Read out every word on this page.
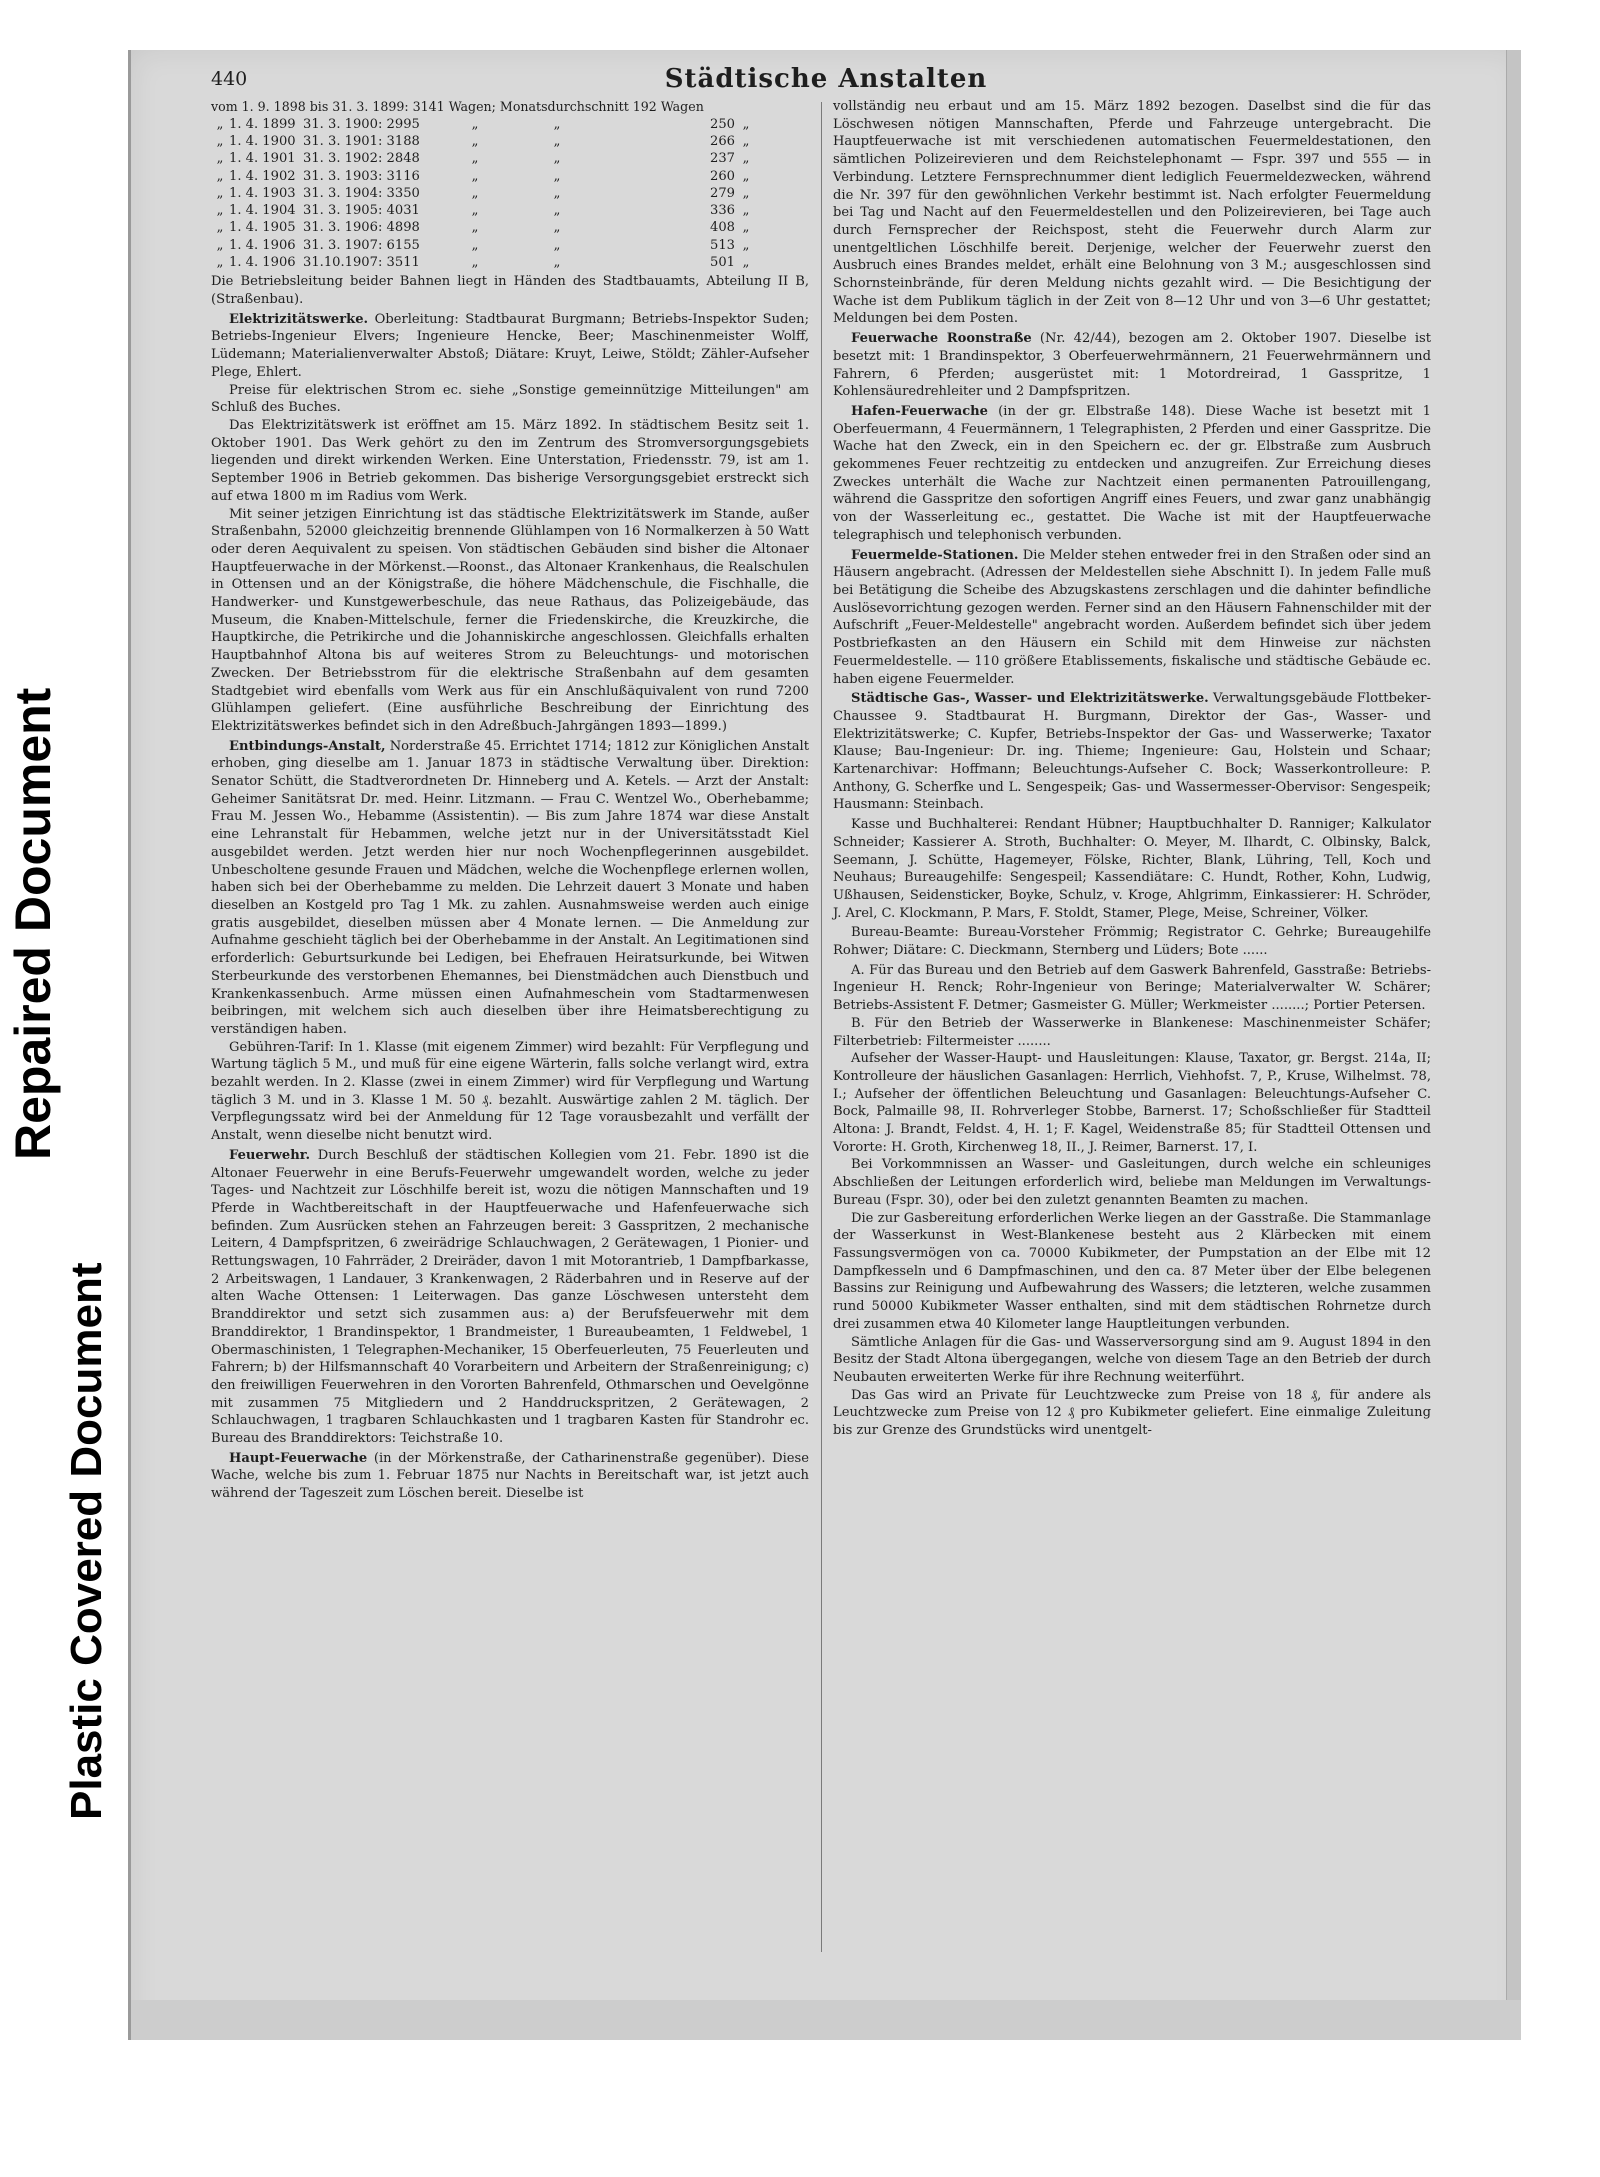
Repaired Document
Plastic Covered Document
440	Städtische Anstalten
vom 1. 9. 1898 bis 31. 3. 1899: 3141 Wagen; Monatsdurchschnitt 192 Wagen
„ 1. 4. 1899 31. 3. 1900: 2995	„	„	250 „
„ 1. 4. 1900 31. 3. 1901: 3188	„	„	266 „
„ 1. 4. 1901 31. 3. 1902: 2848	„	„	237 „
„ 1. 4. 1902 31. 3. 1903: 3116	„	„	260 „
„ 1. 4. 1903 31. 3. 1904: 3350	„	„	279 „
„ 1. 4. 1904 31. 3. 1905: 4031	„	„	336 „
„ 1. 4. 1905 31. 3. 1906: 4898	„	„	408 „
„ 1. 4. 1906 31. 3. 1907: 6155	„	„	513 „
„ 1. 4. 1906 31.10.1907: 3511	„	„	501 „

Die Betriebsleitung beider Bahnen liegt in Händen des Stadtbauamts, Abteilung II B, (Straßenbau).

Elektrizitätswerke. Oberleitung: Stadtbaurat Burgmann; Betriebs-Inspektor Suden; Betriebs-Ingenieur Elvers; Ingenieure Hencke, Beer; Maschinenmeister Wolff, Lüdemann; Materialienverwalter Abstoß; Diätare: Kruyt, Leiwe, Stöldt; Zähler-Aufseher Plege, Ehlert.

Preise für elektrischen Strom ec. siehe „Sonstige gemeinnützige Mitteilungen" am Schluß des Buches.

Das Elektrizitätswerk ist eröffnet am 15. März 1892. In städtischem Besitz seit 1. Oktober 1901. Das Werk gehört zu den im Zentrum des Stromversorgungsgebiets liegenden und direkt wirkenden Werken. Eine Unterstation, Friedensstr. 79, ist am 1. September 1906 in Betrieb gekommen. Das bisherige Versorgungsgebiet erstreckt sich auf etwa 1800 m im Radius vom Werk.

Mit seiner jetzigen Einrichtung ist das städtische Elektrizitätswerk im Stande, außer Straßenbahn, 52000 gleichzeitig brennende Glühlampen von 16 Normalkerzen à 50 Watt oder deren Aequivalent zu speisen. Von städtischen Gebäuden sind bisher die Altonaer Hauptfeuerwache in der Mörkenst.—Roonst., das Altonaer Krankenhaus, die Realschulen in Ottensen und an der Königstraße, die höhere Mädchenschule, die Fischhalle, die Handwerker- und Kunstgewerbeschule, das neue Rathaus, das Polizeigebäude, das Museum, die Knaben-Mittelschule, ferner die Friedenskirche, die Kreuzkirche, die Hauptkirche, die Petrikirche und die Johanniskirche angeschlossen. Gleichfalls erhalten Hauptbahnhof Altona bis auf weiteres Strom zu Beleuchtungs- und motorischen Zwecken. Der Betriebsstrom für die elektrische Straßenbahn auf dem gesamten Stadtgebiet wird ebenfalls vom Werk aus für ein Anschlußäquivalent von rund 7200 Glühlampen geliefert. (Eine ausführliche Beschreibung der Einrichtung des Elektrizitätswerkes befindet sich in den Adreßbuch-Jahrgängen 1893—1899.)

Entbindungs-Anstalt, Norderstraße 45. Errichtet 1714; 1812 zur Königlichen Anstalt erhoben, ging dieselbe am 1. Januar 1873 in städtische Verwaltung über. Direktion: Senator Schütt, die Stadtverordneten Dr. Hinneberg und A. Ketels. — Arzt der Anstalt: Geheimer Sanitätsrat Dr. med. Heinr. Litzmann. — Frau C. Wentzel Wo., Oberhebamme; Frau M. Jessen Wo., Hebamme (Assistentin). — Bis zum Jahre 1874 war diese Anstalt eine Lehranstalt für Hebammen, welche jetzt nur in der Universitätsstadt Kiel ausgebildet werden. Jetzt werden hier nur noch Wochenpflegerinnen ausgebildet. Unbescholtene gesunde Frauen und Mädchen, welche die Wochenpflege erlernen wollen, haben sich bei der Oberhebamme zu melden. Die Lehrzeit dauert 3 Monate und haben dieselben an Kostgeld pro Tag 1 Mk. zu zahlen. Ausnahmsweise werden auch einige gratis ausgebildet, dieselben müssen aber 4 Monate lernen. — Die Anmeldung zur Aufnahme geschieht täglich bei der Oberhebamme in der Anstalt. An Legitimationen sind erforderlich: Geburtsurkunde bei Ledigen, bei Ehefrauen Heiratsurkunde, bei Witwen Sterbeurkunde des verstorbenen Ehemannes, bei Dienstmädchen auch Dienstbuch und Krankenkassenbuch. Arme müssen einen Aufnahmeschein vom Stadtarmenwesen beibringen, mit welchem sich auch dieselben über ihre Heimatsberechtigung zu verständigen haben.

Gebühren-Tarif: In 1. Klasse (mit eigenem Zimmer) wird bezahlt: Für Verpflegung und Wartung täglich 5 M., und muß für eine eigene Wärterin, falls solche verlangt wird, extra bezahlt werden. In 2. Klasse (zwei in einem Zimmer) wird für Verpflegung und Wartung täglich 3 M. und in 3. Klasse 1 M. 50 ₰. bezahlt. Auswärtige zahlen 2 M. täglich. Der Verpflegungssatz wird bei der Anmeldung für 12 Tage vorausbezahlt und verfällt der Anstalt, wenn dieselbe nicht benutzt wird.

Feuerwehr. Durch Beschluß der städtischen Kollegien vom 21. Febr. 1890 ist die Altonaer Feuerwehr in eine Berufs-Feuerwehr umgewandelt worden, welche zu jeder Tages- und Nachtzeit zur Löschhilfe bereit ist, wozu die nötigen Mannschaften und 19 Pferde in Wachtbereitschaft in der Hauptfeuerwache und Hafenfeuerwache sich befinden. Zum Ausrücken stehen an Fahrzeugen bereit: 3 Gasspritzen, 2 mechanische Leitern, 4 Dampfspritzen, 6 zweirädrige Schlauchwagen, 2 Gerätewagen, 1 Pionier- und Rettungswagen, 10 Fahrräder, 2 Dreiräder, davon 1 mit Motorantrieb, 1 Dampfbarkasse, 2 Arbeitswagen, 1 Landauer, 3 Krankenwagen, 2 Räderbahren und in Reserve auf der alten Wache Ottensen: 1 Leiterwagen. Das ganze Löschwesen untersteht dem Branddirektor und setzt sich zusammen aus: a) der Berufsfeuerwehr mit dem Branddirektor, 1 Brandinspektor, 1 Brandmeister, 1 Bureaubeamten, 1 Feldwebel, 1 Obermaschinisten, 1 Telegraphen-Mechaniker, 15 Oberfeuerleuten, 75 Feuerleuten und Fahrern; b) der Hilfsmannschaft 40 Vorarbeitern und Arbeitern der Straßenreinigung; c) den freiwilligen Feuerwehren in den Vororten Bahrenfeld, Othmarschen und Oevelgönne mit zusammen 75 Mitgliedern und 2 Handdruckspritzen, 2 Gerätewagen, 2 Schlauchwagen, 1 tragbaren Schlauchkasten und 1 tragbaren Kasten für Standrohr ec. Bureau des Branddirektors: Teichstraße 10.

Haupt-Feuerwache (in der Mörkenstraße, der Catharinenstraße gegenüber). Diese Wache, welche bis zum 1. Februar 1875 nur Nachts in Bereitschaft war, ist jetzt auch während der Tageszeit zum Löschen bereit. Dieselbe ist

vollständig neu erbaut und am 15. März 1892 bezogen. Daselbst sind die für das Löschwesen nötigen Mannschaften, Pferde und Fahrzeuge untergebracht. Die Hauptfeuerwache ist mit verschiedenen automatischen Feuermeldestationen, den sämtlichen Polizeirevieren und dem Reichstelephonamt — Fspr. 397 und 555 — in Verbindung. Letztere Fernsprechnummer dient lediglich Feuermeldezwecken, während die Nr. 397 für den gewöhnlichen Verkehr bestimmt ist. Nach erfolgter Feuermeldung bei Tag und Nacht auf den Feuermeldestellen und den Polizeirevieren, bei Tage auch durch Fernsprecher der Reichspost, steht die Feuerwehr durch Alarm zur unentgeltlichen Löschhilfe bereit. Derjenige, welcher der Feuerwehr zuerst den Ausbruch eines Brandes meldet, erhält eine Belohnung von 3 M.; ausgeschlossen sind Schornsteinbrände, für deren Meldung nichts gezahlt wird. — Die Besichtigung der Wache ist dem Publikum täglich in der Zeit von 8—12 Uhr und von 3—6 Uhr gestattet; Meldungen bei dem Posten.

Feuerwache Roonstraße (Nr. 42/44), bezogen am 2. Oktober 1907. Dieselbe ist besetzt mit: 1 Brandinspektor, 3 Oberfeuerwehrmännern, 21 Feuerwehrmännern und Fahrern, 6 Pferden; ausgerüstet mit: 1 Motordreirad, 1 Gasspritze, 1 Kohlensäuredrehleiter und 2 Dampfspritzen.

Hafen-Feuerwache (in der gr. Elbstraße 148). Diese Wache ist besetzt mit 1 Oberfeuermann, 4 Feuermännern, 1 Telegraphisten, 2 Pferden und einer Gasspritze. Die Wache hat den Zweck, ein in den Speichern ec. der gr. Elbstraße zum Ausbruch gekommenes Feuer rechtzeitig zu entdecken und anzugreifen. Zur Erreichung dieses Zweckes unterhält die Wache zur Nachtzeit einen permanenten Patrouillengang, während die Gasspritze den sofortigen Angriff eines Feuers, und zwar ganz unabhängig von der Wasserleitung ec., gestattet. Die Wache ist mit der Hauptfeuerwache telegraphisch und telephonisch verbunden.

Feuermelde-Stationen. Die Melder stehen entweder frei in den Straßen oder sind an Häusern angebracht. (Adressen der Meldestellen siehe Abschnitt I). In jedem Falle muß bei Betätigung die Scheibe des Abzugskastens zerschlagen und die dahinter befindliche Auslösevorrichtung gezogen werden. Ferner sind an den Häusern Fahnenschilder mit der Aufschrift „Feuer-Meldestelle" angebracht worden. Außerdem befindet sich über jedem Postbriefkasten an den Häusern ein Schild mit dem Hinweise zur nächsten Feuermeldestelle. — 110 größere Etablissements, fiskalische und städtische Gebäude ec. haben eigene Feuermelder.

Städtische Gas-, Wasser- und Elektrizitätswerke. Verwaltungsgebäude Flottbeker-Chaussee 9. Stadtbaurat H. Burgmann, Direktor der Gas-, Wasser- und Elektrizitätswerke; C. Kupfer, Betriebs-Inspektor der Gas- und Wasserwerke; Taxator Klause; Bau-Ingenieur: Dr. ing. Thieme; Ingenieure: Gau, Holstein und Schaar; Kartenarchivar: Hoffmann; Beleuchtungs-Aufseher C. Bock; Wasserkontrolleure: P. Anthony, G. Scherfke und L. Sengespeik; Gas- und Wassermesser-Obervisor: Sengespeik; Hausmann: Steinbach.

Kasse und Buchhalterei: Rendant Hübner; Hauptbuchhalter D. Ranniger; Kalkulator Schneider; Kassierer A. Stroth, Buchhalter: O. Meyer, M. Ilhardt, C. Olbinsky, Balck, Seemann, J. Schütte, Hagemeyer, Fölske, Richter, Blank, Lühring, Tell, Koch und Neuhaus; Bureaugehilfe: Sengespeil; Kassendiätare: C. Hundt, Rother, Kohn, Ludwig, Ußhausen, Seidensticker, Boyke, Schulz, v. Kroge, Ahlgrimm, Einkassierer: H. Schröder, J. Arel, C. Klockmann, P. Mars, F. Stoldt, Stamer, Plege, Meise, Schreiner, Völker.

Bureau-Beamte: Bureau-Vorsteher Frömmig; Registrator C. Gehrke; Bureaugehilfe Rohwer; Diätare: C. Dieckmann, Sternberg und Lüders; Bote ......

A. Für das Bureau und den Betrieb auf dem Gaswerk Bahrenfeld, Gasstraße: Betriebs-Ingenieur H. Renck; Rohr-Ingenieur von Beringe; Materialverwalter W. Schärer; Betriebs-Assistent F. Detmer; Gasmeister G. Müller; Werkmeister ........; Portier Petersen.

B. Für den Betrieb der Wasserwerke in Blankenese: Maschinenmeister Schäfer; Filterbetrieb: Filtermeister ........

Aufseher der Wasser-Haupt- und Hausleitungen: Klause, Taxator, gr. Bergst. 214a, II; Kontrolleure der häuslichen Gasanlagen: Herrlich, Viehhofst. 7, P., Kruse, Wilhelmst. 78, I.; Aufseher der öffentlichen Beleuchtung und Gasanlagen: Beleuchtungs-Aufseher C. Bock, Palmaille 98, II. Rohrverleger Stobbe, Barnerst. 17; Schoßschließer für Stadtteil Altona: J. Brandt, Feldst. 4, H. 1; F. Kagel, Weidenstraße 85; für Stadtteil Ottensen und Vororte: H. Groth, Kirchenweg 18, II., J. Reimer, Barnerst. 17, I.

Bei Vorkommnissen an Wasser- und Gasleitungen, durch welche ein schleuniges Abschließen der Leitungen erforderlich wird, beliebe man Meldungen im Verwaltungs-Bureau (Fspr. 30), oder bei den zuletzt genannten Beamten zu machen.

Die zur Gasbereitung erforderlichen Werke liegen an der Gasstraße. Die Stammanlage der Wasserkunst in West-Blankenese besteht aus 2 Klärbecken mit einem Fassungsvermögen von ca. 70000 Kubikmeter, der Pumpstation an der Elbe mit 12 Dampfkesseln und 6 Dampfmaschinen, und den ca. 87 Meter über der Elbe belegenen Bassins zur Reinigung und Aufbewahrung des Wassers; die letzteren, welche zusammen rund 50000 Kubikmeter Wasser enthalten, sind mit dem städtischen Rohrnetze durch drei zusammen etwa 40 Kilometer lange Hauptleitungen verbunden.

Sämtliche Anlagen für die Gas- und Wasserversorgung sind am 9. August 1894 in den Besitz der Stadt Altona übergegangen, welche von diesem Tage an den Betrieb der durch Neubauten erweiterten Werke für ihre Rechnung weiterführt.

Das Gas wird an Private für Leuchtzwecke zum Preise von 18 ₰, für andere als Leuchtzwecke zum Preise von 12 ₰ pro Kubikmeter geliefert. Eine einmalige Zuleitung bis zur Grenze des Grundstücks wird unentgelt-
